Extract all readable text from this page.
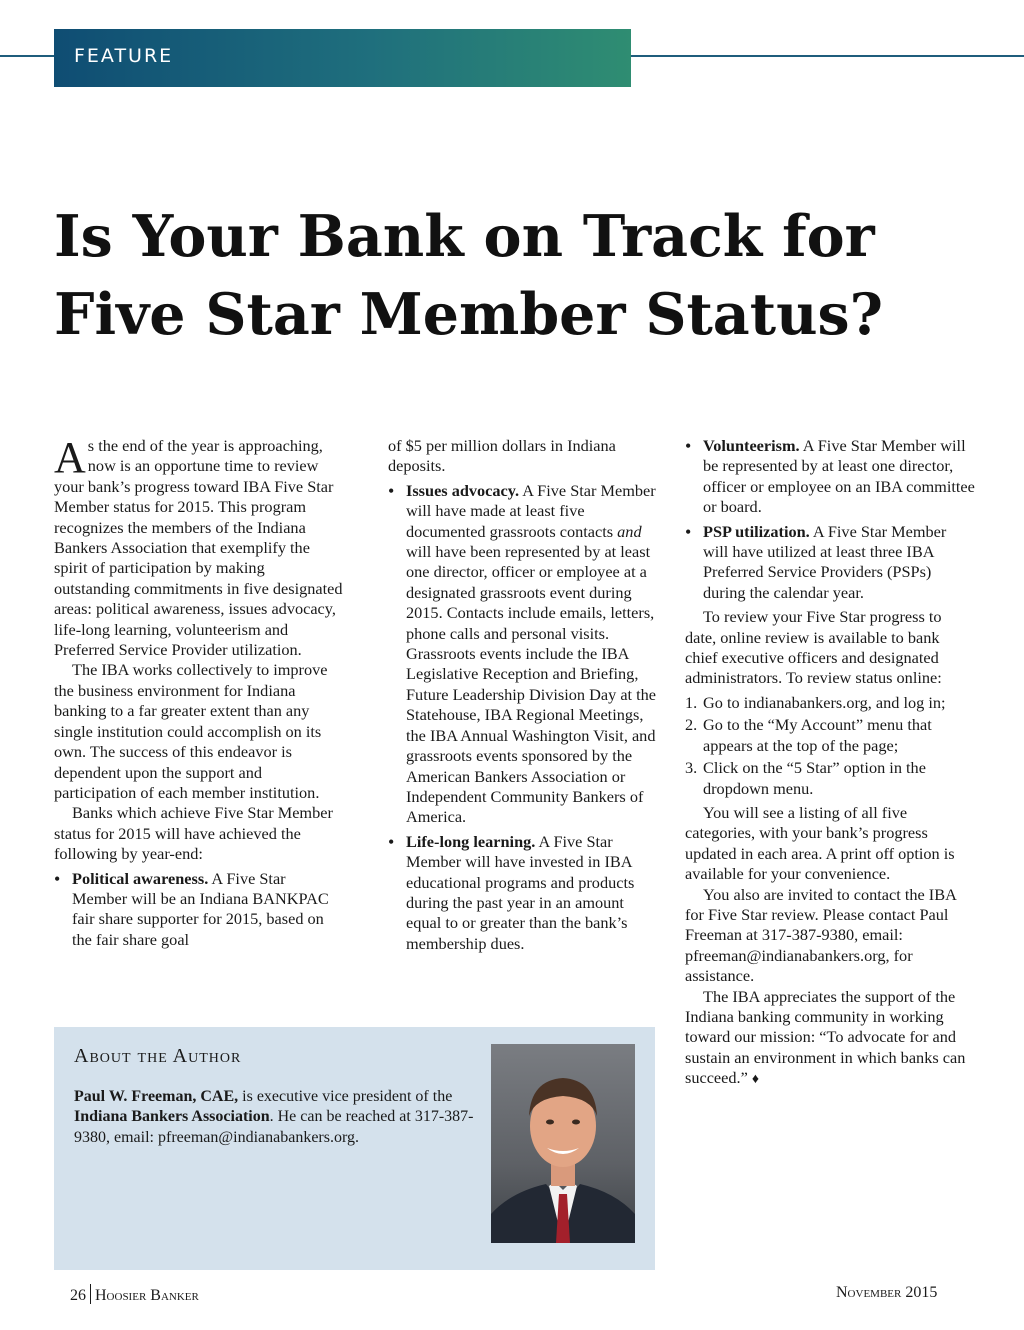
FEATURE
Is Your Bank on Track for
Five Star Member Status?

As the end of the year is approaching, now is an opportune time to review your bank’s progress toward IBA Five Star Member status for 2015. This program recognizes the members of the Indiana Bankers Association that exemplify the spirit of participation by making outstanding commitments in five designated areas: political awareness, issues advocacy, life-long learning, volunteerism and Preferred Service Provider utilization.

The IBA works collectively to improve the business environment for Indiana banking to a far greater extent than any single institution could accomplish on its own. The success of this endeavor is dependent upon the support and participation of each member institution.

Banks which achieve Five Star Member status for 2015 will have achieved the following by year-end:

• Political awareness. A Five Star Member will be an Indiana BANKPAC fair share supporter for 2015, based on the fair share goal

of $5 per million dollars in Indiana deposits.

• Issues advocacy. A Five Star Member will have made at least five documented grassroots contacts and will have been represented by at least one director, officer or employee at a designated grassroots event during 2015. Contacts include emails, letters, phone calls and personal visits. Grassroots events include the IBA Legislative Reception and Briefing, Future Leadership Division Day at the Statehouse, IBA Regional Meetings, the IBA Annual Washington Visit, and grassroots events sponsored by the American Bankers Association or Independent Community Bankers of America.
• Life-long learning. A Five Star Member will have invested in IBA educational programs and products during the past year in an amount equal to or greater than the bank’s membership dues.
• Volunteerism. A Five Star Member will be represented by at least one director, officer or employee on an IBA committee or board.
• PSP utilization. A Five Star Member will have utilized at least three IBA Preferred Service Providers (PSPs) during the calendar year.

To review your Five Star progress to date, online review is available to bank chief executive officers and designated administrators. To review status online:

1. Go to indianabankers.org, and log in;
2. Go to the “My Account” menu that appears at the top of the page;
3. Click on the “5 Star” option in the dropdown menu.

You will see a listing of all five categories, with your bank’s progress updated in each area. A print off option is available for your convenience.

You also are invited to contact the IBA for Five Star review. Please contact Paul Freeman at 317-387-9380, email: pfreeman@indianabankers.org, for assistance.

The IBA appreciates the support of the Indiana banking community in working toward our mission: “To advocate for and sustain an environment in which banks can succeed.” ♦

About the Author
Paul W. Freeman, CAE, is executive vice president of the Indiana Bankers Association. He can be reached at 317-387-9380, email: pfreeman@indianabankers.org.
26 Hoosier Banker	November 2015
